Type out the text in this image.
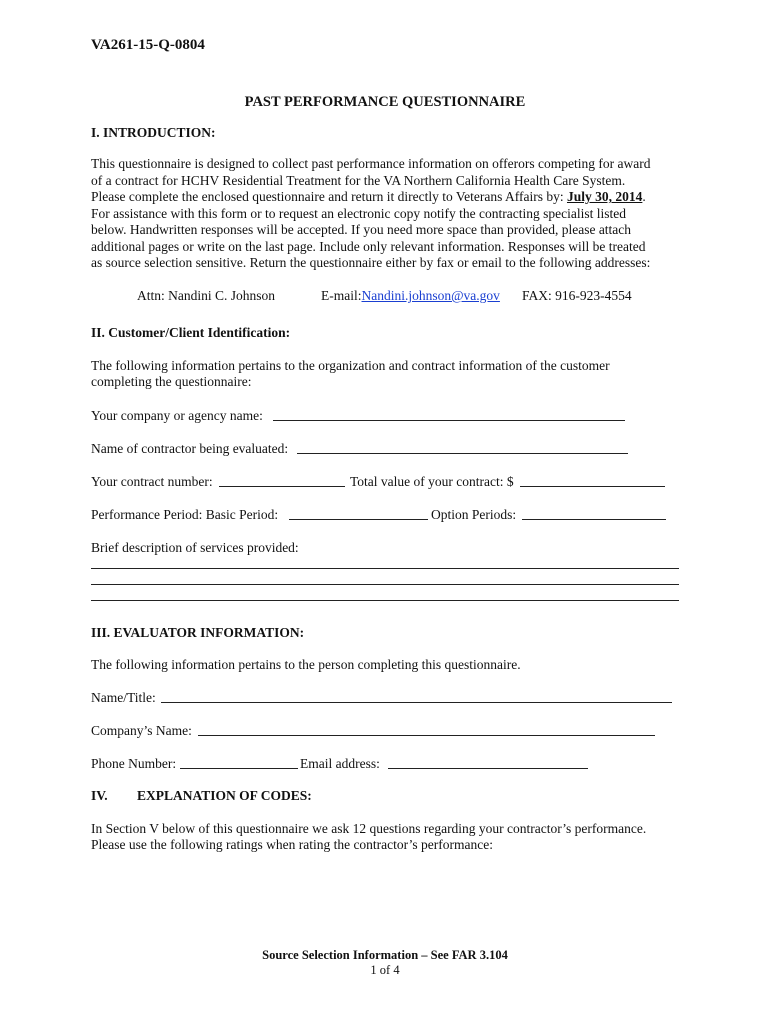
VA261-15-Q-0804
PAST PERFORMANCE QUESTIONNAIRE
I. INTRODUCTION:
This questionnaire is designed to collect past performance information on offerors competing for award
of a contract for HCHV Residential Treatment for the VA Northern California Health Care System.
Please complete the enclosed questionnaire and return it directly to Veterans Affairs by: July 30, 2014.
For assistance with this form or to request an electronic copy notify the contracting specialist listed
below. Handwritten responses will be accepted. If you need more space than provided, please attach
additional pages or write on the last page. Include only relevant information. Responses will be treated
as source selection sensitive. Return the questionnaire either by fax or email to the following addresses:
Attn: Nandini C. Johnson	E-mail:Nandini.johnson@va.gov FAX: 916-923-4554
II. Customer/Client Identification:
The following information pertains to the organization and contract information of the customer
completing the questionnaire:
Your company or agency name:
Name of contractor being evaluated:
Your contract number:	Total value of your contract: $
Performance Period: Basic Period:	Option Periods:
Brief description of services provided:
III. EVALUATOR INFORMATION:
The following information pertains to the person completing this questionnaire.
Name/Title:
Company’s Name:
Phone Number:	Email address:
IV. EXPLANATION OF CODES:
In Section V below of this questionnaire we ask 12 questions regarding your contractor’s performance.
Please use the following ratings when rating the contractor’s performance:
Source Selection Information – See FAR 3.104
1 of 4
